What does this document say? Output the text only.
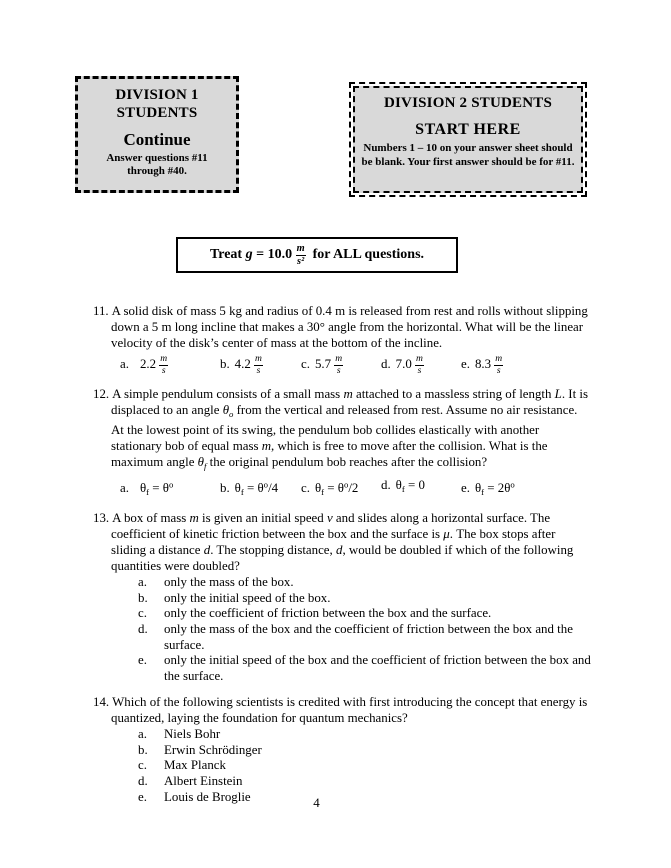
DIVISION 1
STUDENTS
Continue
Answer questions #11 through #40.
DIVISION 2 STUDENTS
START HERE
Numbers 1 – 10 on your answer sheet should be blank. Your first answer should be for #11.
Treat $g = 10.0 \frac{m}{\text{s²}}$ for ALL questions.

11. A solid disk of mass 5 kg and radius of 0.4 m is released from rest and rolls without slipping down a 5 m long incline that makes a 30° angle from the horizontal. What will be the linear velocity of the disk’s center of mass at the bottom of the incline.

a. $2.2 \frac{m}{s}$	b. $4.2 \frac{m}{s}$	c. $5.7 \frac{m}{s}$	d. $7.0 \frac{m}{s}$	e. $8.3 \frac{m}{s}$

12. A simple pendulum consists of a small mass m attached to a massless string of length L. It is displaced to an angle $\theta_o$ from the vertical and released from rest. Assume no air resistance. At the lowest point of its swing, the pendulum bob collides elastically with another stationary bob of equal mass m, which is free to move after the collision. What is the maximum angle $\theta_f$ the original pendulum bob reaches after the collision?

a. $\theta_f = \theta^o$	b. $\theta_f = \theta^o/4$	c. $\theta_f = \theta^o/2$	d. $\theta_f = 0$	e. $\theta_f = 2\theta^o$

13. A box of mass m is given an initial speed v and slides along a horizontal surface. The coefficient of kinetic friction between the box and the surface is μ. The box stops after sliding a distance d. The stopping distance, d, would be doubled if which of the following quantities were doubled?

a.	only the mass of the box.
b.	only the initial speed of the box.
c.	only the coefficient of friction between the box and the surface.
d.	only the mass of the box and the coefficient of friction between the box and the surface.
e.	only the initial speed of the box and the coefficient of friction between the box and the surface.

14. Which of the following scientists is credited with first introducing the concept that energy is quantized, laying the foundation for quantum mechanics?

a.	Niels Bohr
b.	Erwin Schrödinger
c.	Max Planck
d.	Albert Einstein
e.	Louis de Broglie	4
